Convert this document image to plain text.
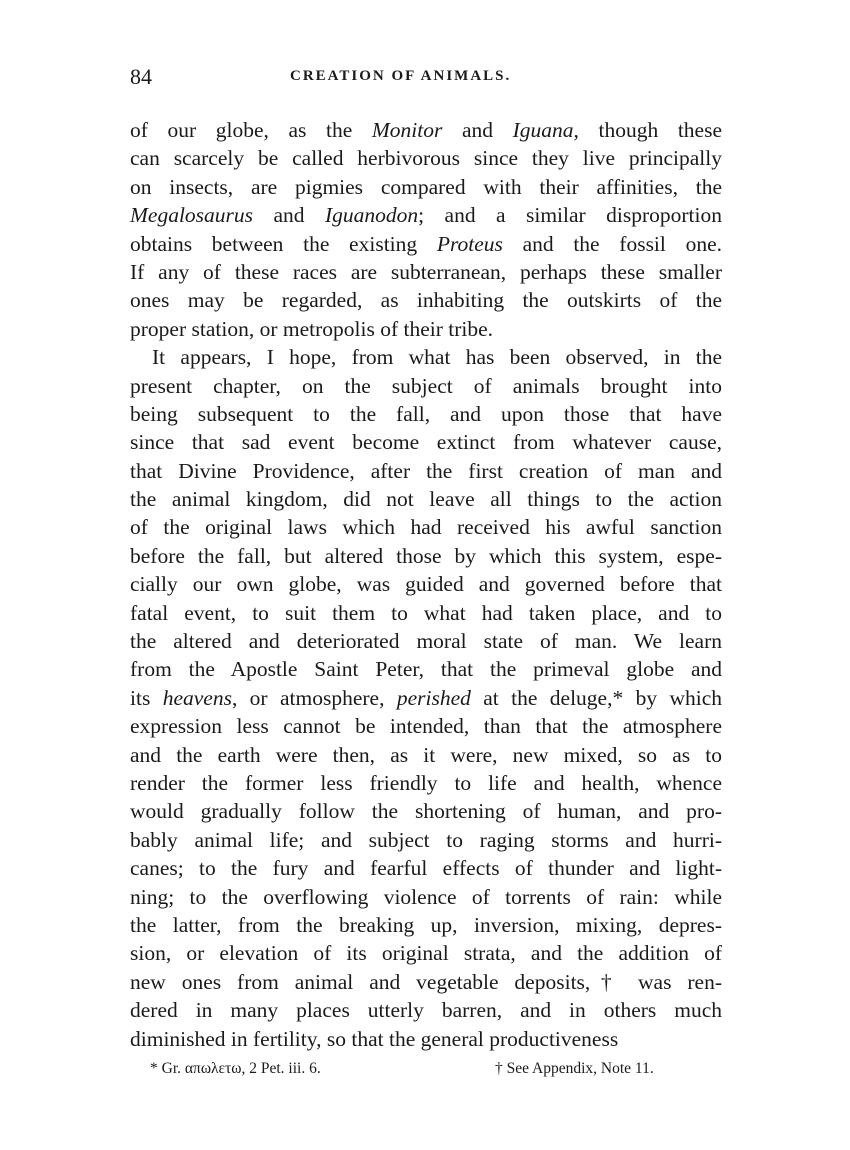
84	CREATION OF ANIMALS.
of our globe, as the Monitor and Iguana, though these
can scarcely be called herbivorous since they live principally
on insects, are pigmies compared with their affinities, the
Megalosaurus and Iguanodon; and a similar disproportion
obtains between the existing Proteus and the fossil one.
If any of these races are subterranean, perhaps these smaller
ones may be regarded, as inhabiting the outskirts of the
proper station, or metropolis of their tribe.
It appears, I hope, from what has been observed, in the
present chapter, on the subject of animals brought into
being subsequent to the fall, and upon those that have
since that sad event become extinct from whatever cause,
that Divine Providence, after the first creation of man and
the animal kingdom, did not leave all things to the action
of the original laws which had received his awful sanction
before the fall, but altered those by which this system, espe-
cially our own globe, was guided and governed before that
fatal event, to suit them to what had taken place, and to
the altered and deteriorated moral state of man. We learn
from the Apostle Saint Peter, that the primeval globe and
its heavens, or atmosphere, perished at the deluge,* by which
expression less cannot be intended, than that the atmosphere
and the earth were then, as it were, new mixed, so as to
render the former less friendly to life and health, whence
would gradually follow the shortening of human, and pro-
bably animal life; and subject to raging storms and hurri-
canes; to the fury and fearful effects of thunder and light-
ning; to the overflowing violence of torrents of rain: while
the latter, from the breaking up, inversion, mixing, depres-
sion, or elevation of its original strata, and the addition of
new ones from animal and vegetable deposits,† was ren-
dered in many places utterly barren, and in others much
diminished in fertility, so that the general productiveness
* Gr. απωλετω, 2 Pet. iii. 6.	† See Appendix, Note 11.
